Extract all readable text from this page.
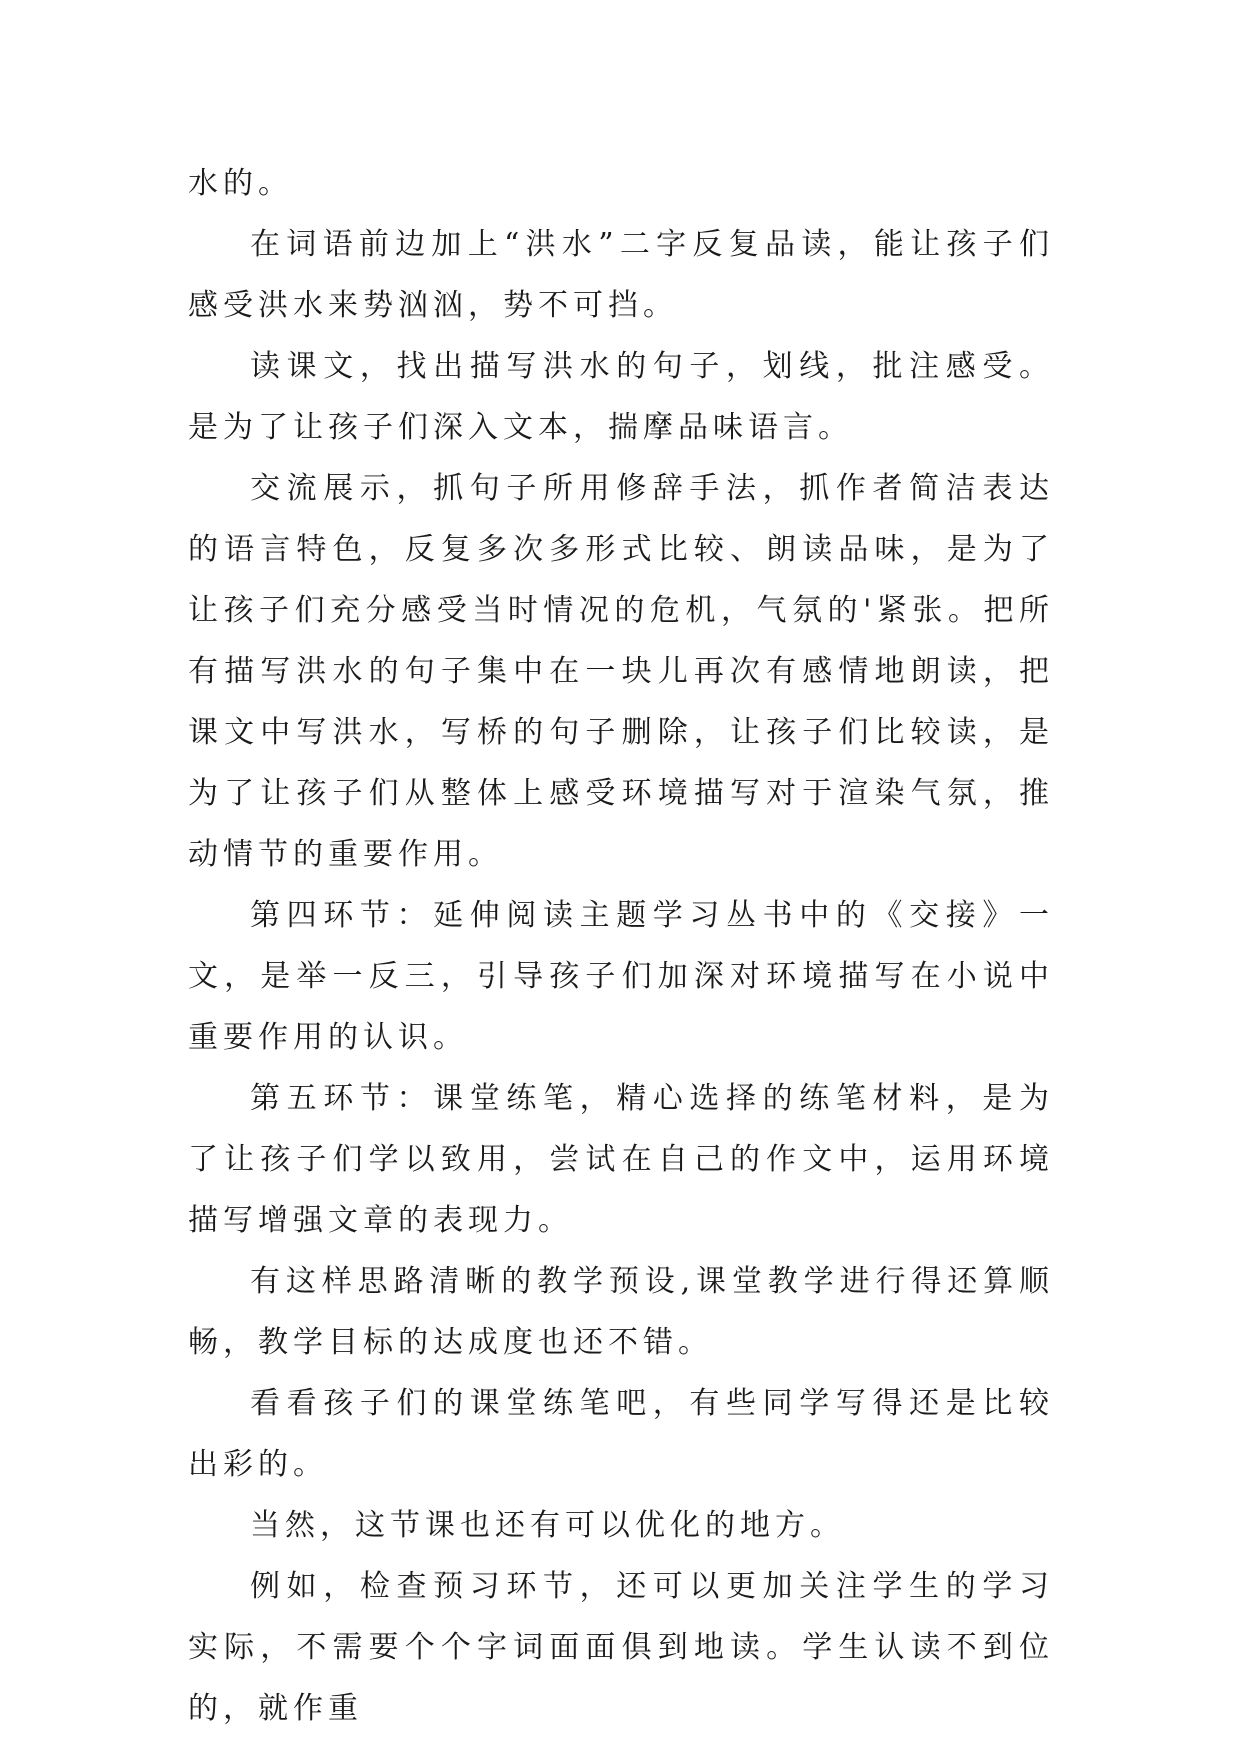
水的。

在词语前边加上“洪水”二字反复品读，能让孩子们感受洪水来势汹汹，势不可挡。

读课文，找出描写洪水的句子，划线，批注感受。是为了让孩子们深入文本，揣摩品味语言。

交流展示，抓句子所用修辞手法，抓作者简洁表达的语言特色，反复多次多形式比较、朗读品味，是为了让孩子们充分感受当时情况的危机，气氛的'紧张。把所有描写洪水的句子集中在一块儿再次有感情地朗读，把课文中写洪水，写桥的句子删除，让孩子们比较读，是为了让孩子们从整体上感受环境描写对于渲染气氛，推动情节的重要作用。

第四环节：延伸阅读主题学习丛书中的《交接》一文，是举一反三，引导孩子们加深对环境描写在小说中重要作用的认识。

第五环节：课堂练笔，精心选择的练笔材料，是为了让孩子们学以致用，尝试在自己的作文中，运用环境描写增强文章的表现力。

有这样思路清晰的教学预设,课堂教学进行得还算顺畅，教学目标的达成度也还不错。

看看孩子们的课堂练笔吧，有些同学写得还是比较出彩的。

当然，这节课也还有可以优化的地方。

例如，检查预习环节，还可以更加关注学生的学习实际，不需要个个字词面面俱到地读。学生认读不到位的，就作重
